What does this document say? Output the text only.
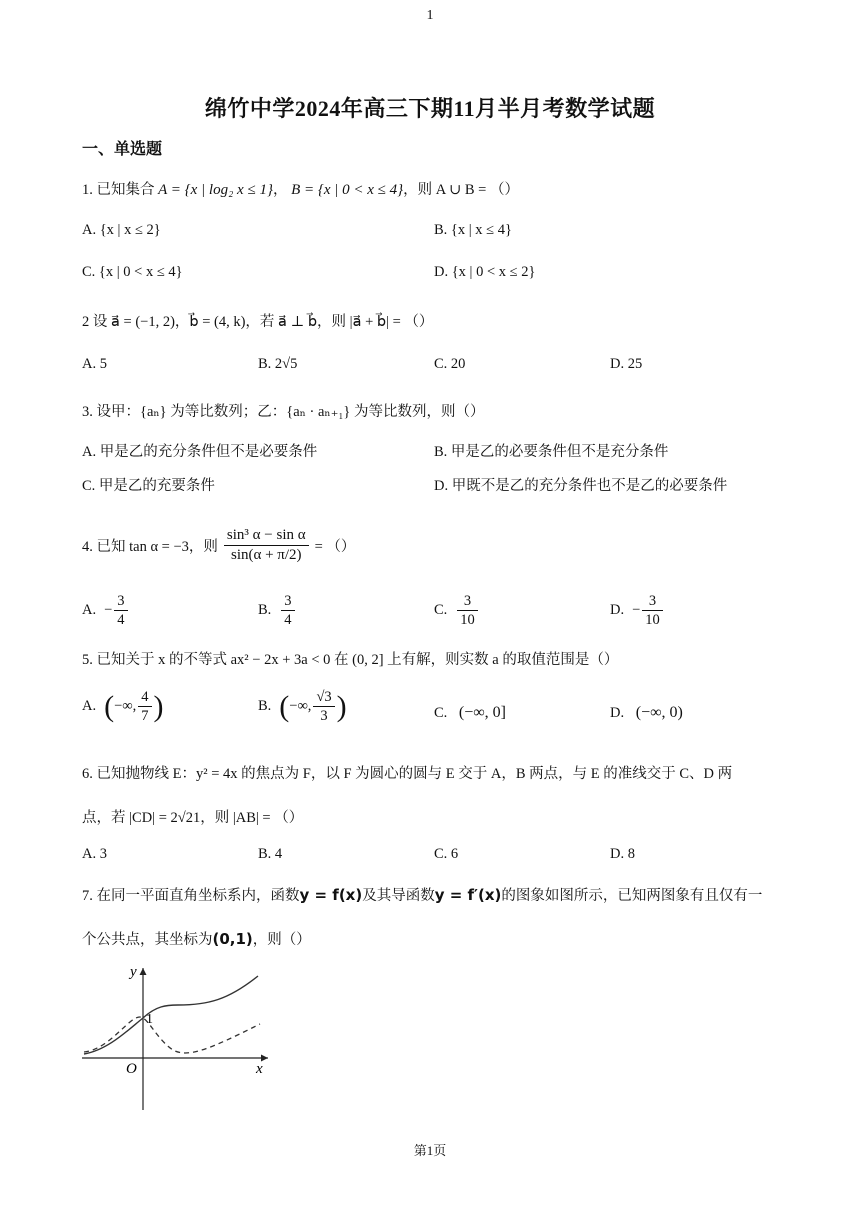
1
绵竹中学2024年高三下期11月半月考数学试题
一、单选题
1. 已知集合 A = {x | log₂ x ≤ 1}， B = {x | 0 < x ≤ 4}，则 A ∪ B = （）
A. {x | x ≤ 2}	B. {x | x ≤ 4}
C. {x | 0 < x ≤ 4}	D. {x | 0 < x ≤ 2}
2 设 a⃗ = (−1, 2)，b⃗ = (4, k)，若 a⃗ ⊥ b⃗，则 |a⃗ + b⃗| = （）
A. 5	B. 2√5	C. 20	D. 25
3. 设甲：{aₙ} 为等比数列；乙：{aₙ · aₙ₊₁} 为等比数列，则（）
A. 甲是乙的充分条件但不是必要条件	B. 甲是乙的必要条件但不是充分条件
C. 甲是乙的充要条件	D. 甲既不是乙的充分条件也不是乙的必要条件
4. 已知 tan α = −3，则 $\frac{\text{sin³ α − sin α}}{\sin(\alpha + \pi/2)}$ = （）
A. − $\frac{3}{4}$	B. $\frac{3}{4}$	C. $\frac{3}{10}$	D. − $\frac{3}{10}$
5. 已知关于 x 的不等式 ax² − 2x + 3a < 0 在 (0, 2] 上有解，则实数 a 的取值范围是（）
A. ( −∞, $\frac{4}{7}$ )	B. ( −∞, $\frac{√3}{3}$ )	C. (−∞, 0]	D. (−∞, 0)
6. 已知抛物线 E：y² = 4x 的焦点为 F，以 F 为圆心的圆与 E 交于 A，B 两点，与 E 的准线交于 C、D 两
点，若 |CD| = 2√21，则 |AB| = （）
A. 3	B. 4	C. 6	D. 8
7. 在同一平面直角坐标系内，函数y = f(x)及其导函数y = f′(x)的图象如图所示，已知两图象有且仅有一
个公共点，其坐标为(0,1)，则（）
y
x
O
1
第1页
